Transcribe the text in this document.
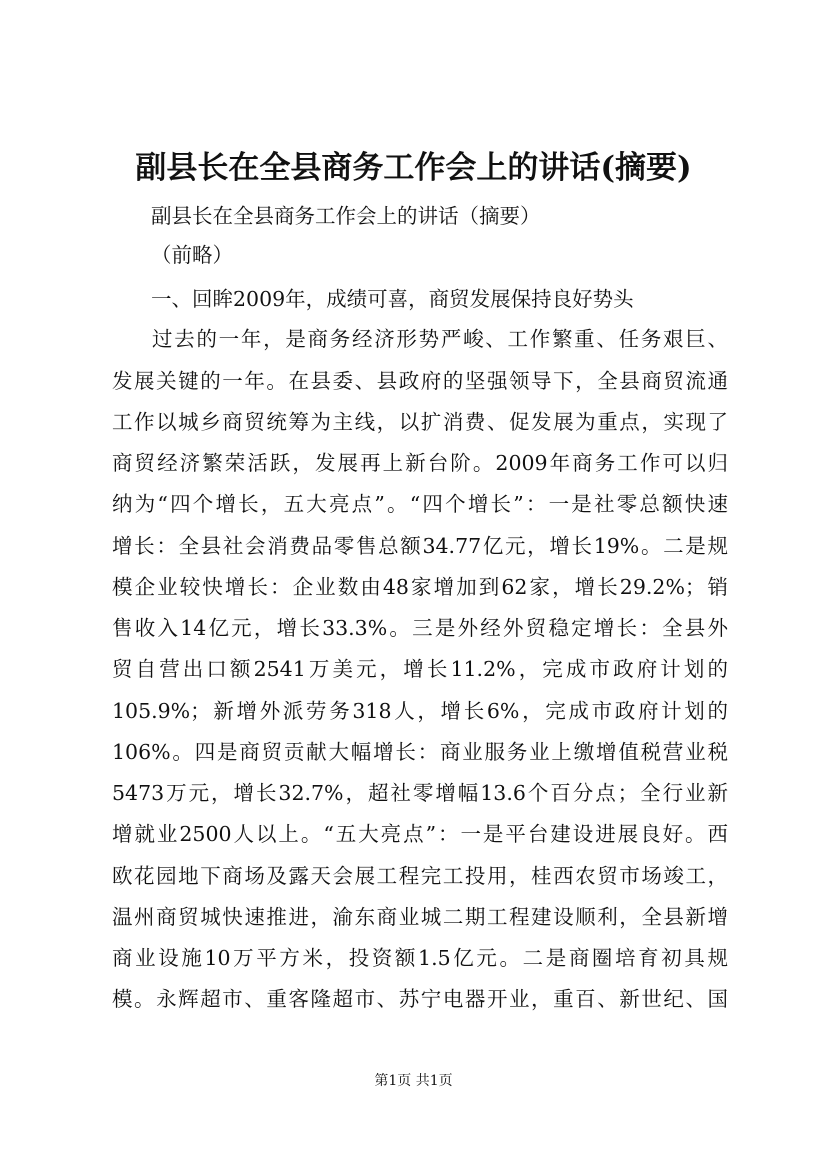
副县长在全县商务工作会上的讲话(摘要)
副县长在全县商务工作会上的讲话（摘要）
（前略）
一、回眸2009年，成绩可喜，商贸发展保持良好势头
过去的一年，是商务经济形势严峻、工作繁重、任务艰巨、
发展关键的一年。在县委、县政府的坚强领导下，全县商贸流通
工作以城乡商贸统筹为主线，以扩消费、促发展为重点，实现了
商贸经济繁荣活跃，发展再上新台阶。2009年商务工作可以归
纳为“四个增长，五大亮点”。“四个增长”：一是社零总额快速
增长：全县社会消费品零售总额34.77亿元，增长19%。二是规
模企业较快增长：企业数由48家增加到62家，增长29.2%；销
售收入14亿元，增长33.3%。三是外经外贸稳定增长：全县外
贸自营出口额2541万美元，增长11.2%，完成市政府计划的
105.9%；新增外派劳务318人，增长6%，完成市政府计划的
106%。四是商贸贡献大幅增长：商业服务业上缴增值税营业税
5473万元，增长32.7%，超社零增幅13.6个百分点；全行业新
增就业2500人以上。“五大亮点”：一是平台建设进展良好。西
欧花园地下商场及露天会展工程完工投用，桂西农贸市场竣工，
温州商贸城快速推进，渝东商业城二期工程建设顺利，全县新增
商业设施10万平方米，投资额1.5亿元。二是商圈培育初具规
模。永辉超市、重客隆超市、苏宁电器开业，重百、新世纪、国
第1页 共1页
